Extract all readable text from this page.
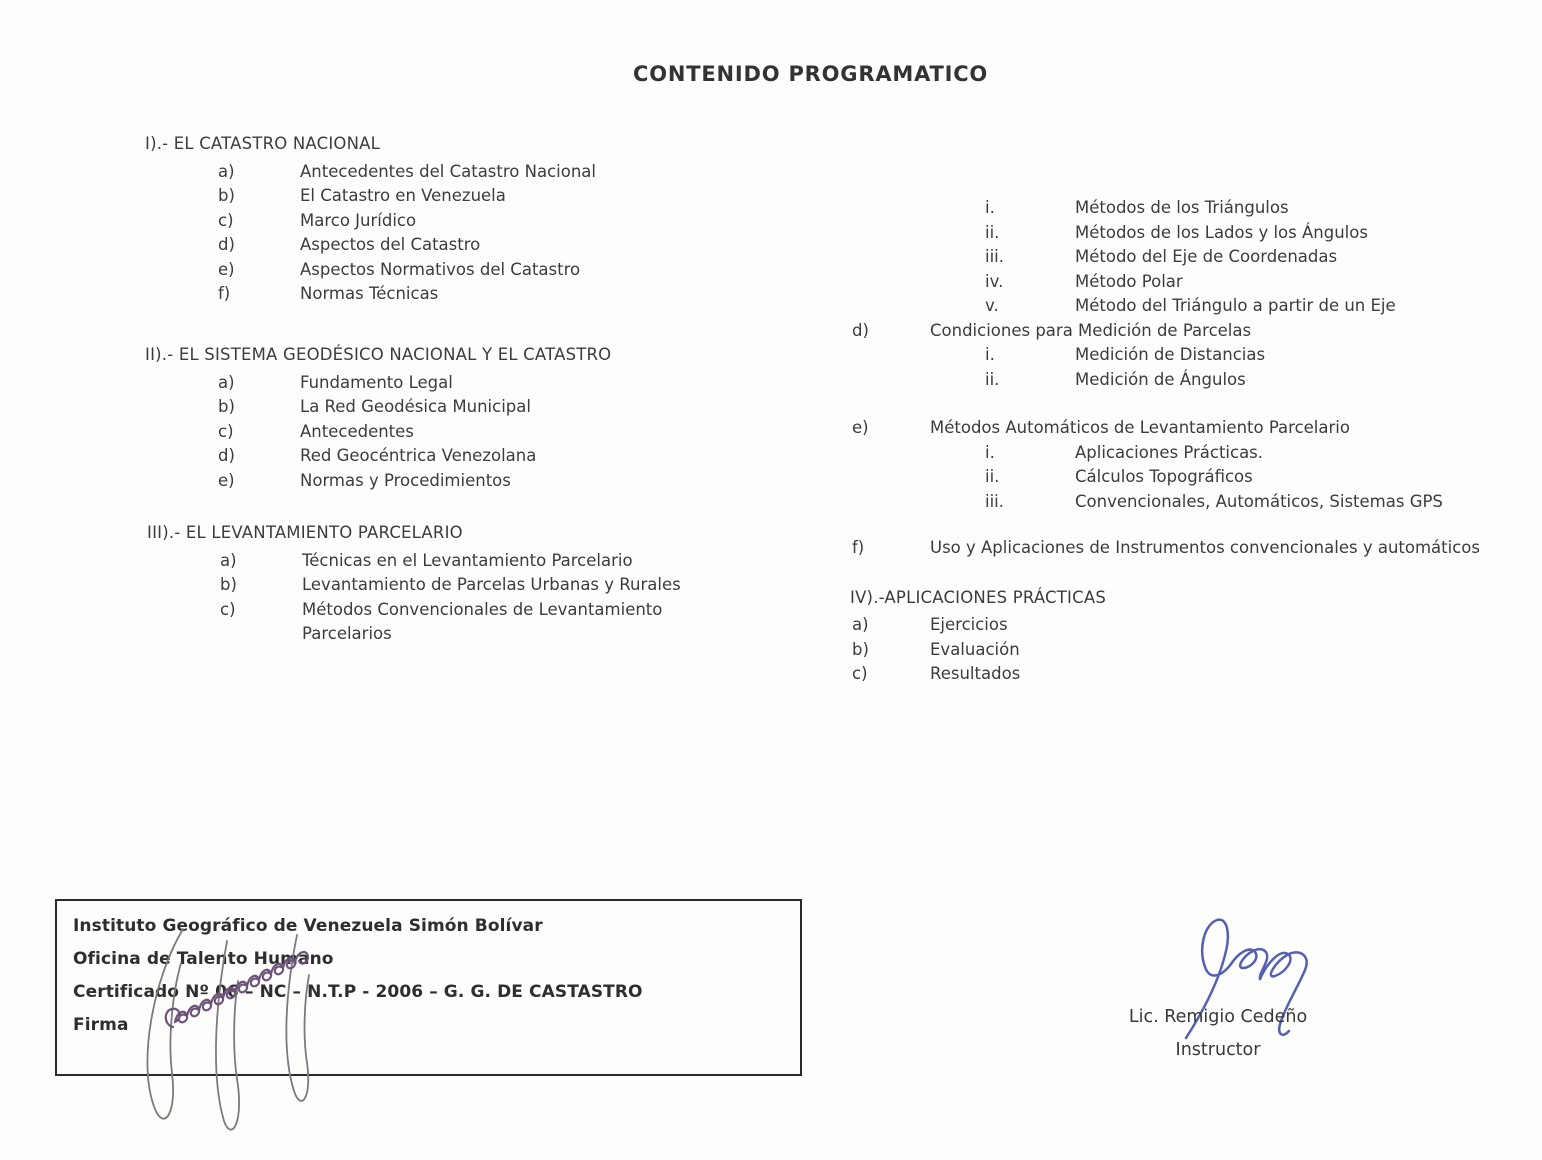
CONTENIDO PROGRAMATICO
I).- EL CATASTRO NACIONAL
a)	Antecedentes del Catastro Nacional
b)	El Catastro en Venezuela
c)	Marco Jurídico
d)	Aspectos del Catastro
e)	Aspectos Normativos del Catastro
f)	Normas Técnicas
II).- EL SISTEMA GEODÉSICO NACIONAL Y EL CATASTRO
a)	Fundamento Legal
b)	La Red Geodésica Municipal
c)	Antecedentes
d)	Red Geocéntrica Venezolana
e)	Normas y Procedimientos
III).- EL LEVANTAMIENTO PARCELARIO
a)	Técnicas en el Levantamiento Parcelario
b)	Levantamiento de Parcelas Urbanas y Rurales
c)	Métodos Convencionales de Levantamiento
Parcelarios
i.	Métodos de los Triángulos
ii.	Métodos de los Lados y los Ángulos
iii.	Método del Eje de Coordenadas
iv.	Método Polar
v.	Método del Triángulo a partir de un Eje
d)	Condiciones para Medición de Parcelas
i.	Medición de Distancias
ii.	Medición de Ángulos
e)	Métodos Automáticos de Levantamiento Parcelario
i.	Aplicaciones Prácticas.
ii.	Cálculos Topográficos
iii.	Convencionales, Automáticos, Sistemas GPS
f)	Uso y Aplicaciones de Instrumentos convencionales y automáticos
IV).-APLICACIONES PRÁCTICAS
a)	Ejercicios
b)	Evaluación
c)	Resultados
Instituto Geográfico de Venezuela Simón Bolívar
Oficina de Talento Humano
Certificado Nº 06 – NC – N.T.P - 2006 – G. G. DE CASTASTRO
Firma	Lic. Remigio Cedeño
Instructor
